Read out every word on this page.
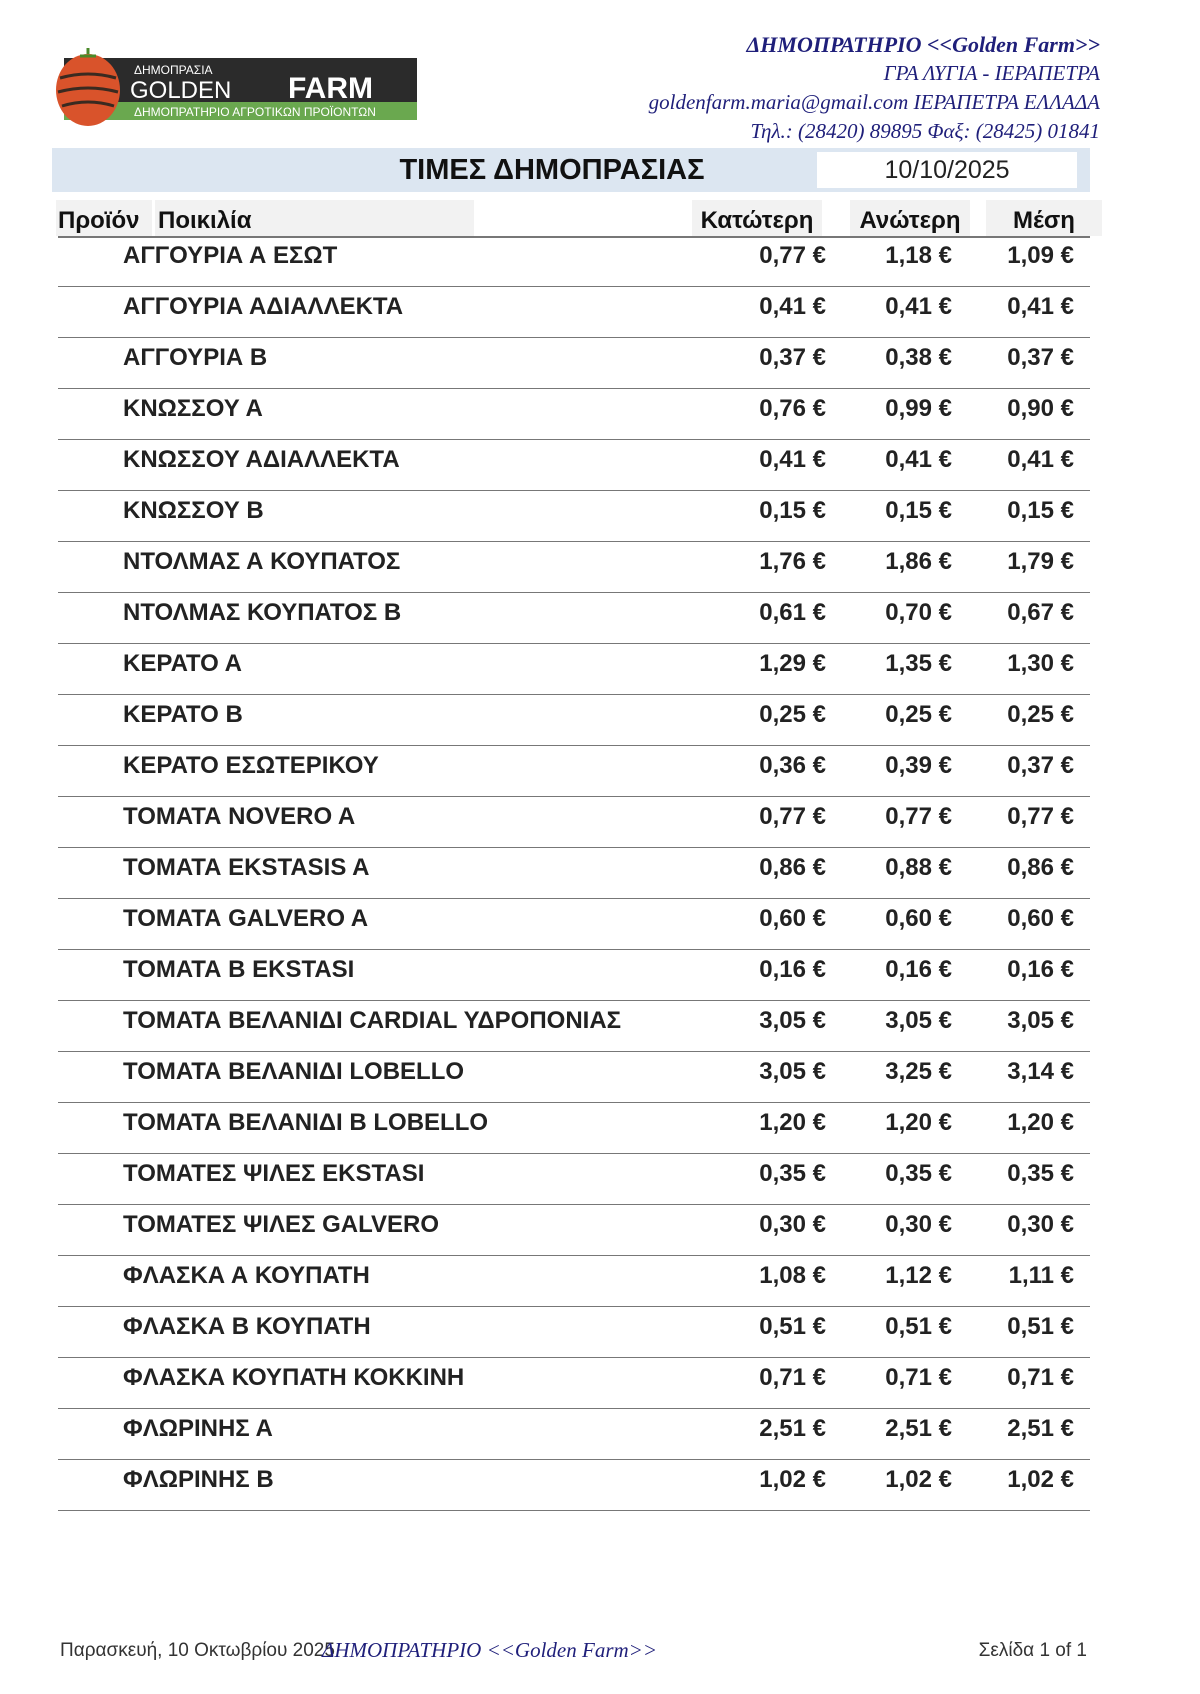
ΔΗΜΟΠΡΑΣΙΑ
GOLDEN FARM
ΔΗΜΟΠΡΑΤΗΡΙΟ ΑΓΡΟΤΙΚΩΝ ΠΡΟΪΟΝΤΩΝ
ΔΗΜΟΠΡΑΤΗΡΙΟ <<Golden Farm>>
ΓΡΑ ΛΥΓΙΑ - ΙΕΡΑΠΕΤΡΑ
goldenfarm.maria@gmail.com ΙΕΡΑΠΕΤΡΑ ΕΛΛΑΔΑ
Τηλ.: (28420) 89895 Φαξ: (28425) 01841
ΤΙΜΕΣ ΔΗΜΟΠΡΑΣΙΑΣ	10/10/2025
Προϊόν Ποικιλία	Κατώτερη	Ανώτερη	Μέση
ΑΓΓΟΥΡΙΑ Α ΕΣΩΤ	0,77 € 1,18 € 1,09 €
ΑΓΓΟΥΡΙΑ ΑΔΙΑΛΛΕΚΤΑ	0,41 € 0,41 € 0,41 €
ΑΓΓΟΥΡΙΑ Β	0,37 € 0,38 € 0,37 €
ΚΝΩΣΣΟΥ Α	0,76 € 0,99 € 0,90 €
ΚΝΩΣΣΟΥ ΑΔΙΑΛΛΕΚΤΑ	0,41 € 0,41 € 0,41 €
ΚΝΩΣΣΟΥ Β	0,15 € 0,15 € 0,15 €
ΝΤΟΛΜΑΣ Α ΚΟΥΠΑΤΟΣ	1,76 € 1,86 € 1,79 €
ΝΤΟΛΜΑΣ ΚΟΥΠΑΤΟΣ Β	0,61 € 0,70 € 0,67 €
ΚΕΡΑΤΟ Α	1,29 € 1,35 € 1,30 €
ΚΕΡΑΤΟ Β	0,25 € 0,25 € 0,25 €
ΚΕΡΑΤΟ ΕΣΩΤΕΡΙΚΟΥ	0,36 € 0,39 € 0,37 €
ΤΟΜΑΤΑ NOVERO A	0,77 € 0,77 € 0,77 €
ΤΟΜΑΤΑ EKSTASIS A	0,86 € 0,88 € 0,86 €
ΤΟΜΑΤΑ GALVERO A	0,60 € 0,60 € 0,60 €
ΤΟΜΑΤΑ Β EKSTASI	0,16 € 0,16 € 0,16 €
ΤΟΜΑΤΑ ΒΕΛΑΝΙΔΙ CARDIAL ΥΔΡΟΠΟΝΙΑΣ	3,05 € 3,05 € 3,05 €
ΤΟΜΑΤΑ ΒΕΛΑΝΙΔΙ LOBELLO	3,05 € 3,25 € 3,14 €
ΤΟΜΑΤΑ ΒΕΛΑΝΙΔΙ Β LOBELLO	1,20 € 1,20 € 1,20 €
ΤΟΜΑΤΕΣ ΨΙΛΕΣ EKSTASI	0,35 € 0,35 € 0,35 €
ΤΟΜΑΤΕΣ ΨΙΛΕΣ GALVERO	0,30 € 0,30 € 0,30 €
ΦΛΑΣΚΑ Α ΚΟΥΠΑΤΗ	1,08 € 1,12 € 1,11 €
ΦΛΑΣΚΑ Β ΚΟΥΠΑΤΗ	0,51 € 0,51 € 0,51 €
ΦΛΑΣΚΑ ΚΟΥΠΑΤΗ ΚΟΚΚΙΝΗ	0,71 € 0,71 € 0,71 €
ΦΛΩΡΙΝΗΣ Α	2,51 € 2,51 € 2,51 €
ΦΛΩΡΙΝΗΣ Β	1,02 € 1,02 € 1,02 €
Παρασκευή, 10 Οκτωβρίου 2025
ΔΗΜΟΠΡΑΤΗΡΙΟ <<Golden Farm>>	Σελίδα 1 of 1
